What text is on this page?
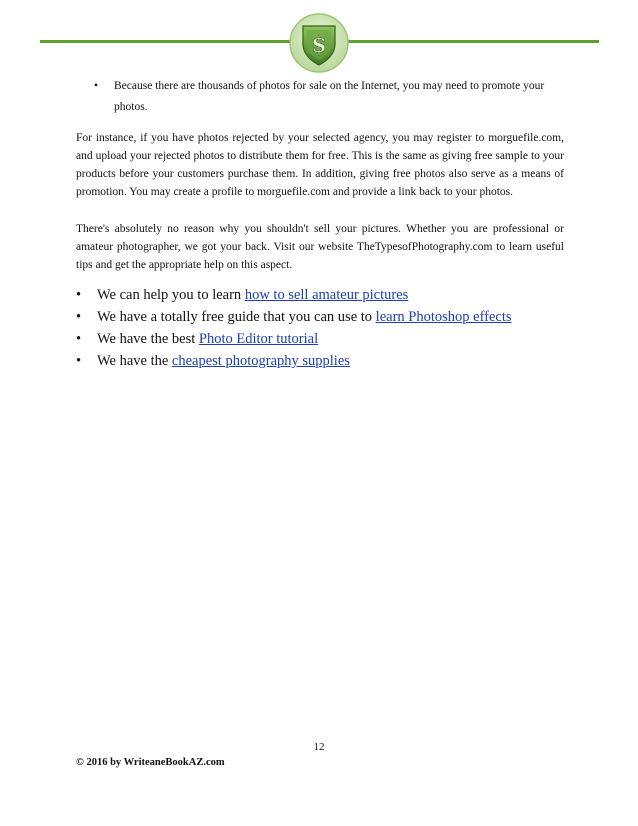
$
•	Because there are thousands of photos for sale on the Internet, you may need to promote your photos.
For instance, if you have photos rejected by your selected agency, you may register to morguefile.com, and upload your rejected photos to distribute them for free. This is the same as giving free sample to your products before your customers purchase them. In addition, giving free photos also serve as a means of promotion. You may create a profile to morguefile.com and provide a link back to your photos.
There's absolutely no reason why you shouldn't sell your pictures. Whether you are professional or amateur photographer, we got your back. Visit our website TheTypesofPhotography.com to learn useful tips and get the appropriate help on this aspect.
• We can help you to learn how to sell amateur pictures
• We have a totally free guide that you can use to learn Photoshop effects
• We have the best Photo Editor tutorial
• We have the cheapest photography supplies
12
© 2016 by WriteaneBookAZ.com
